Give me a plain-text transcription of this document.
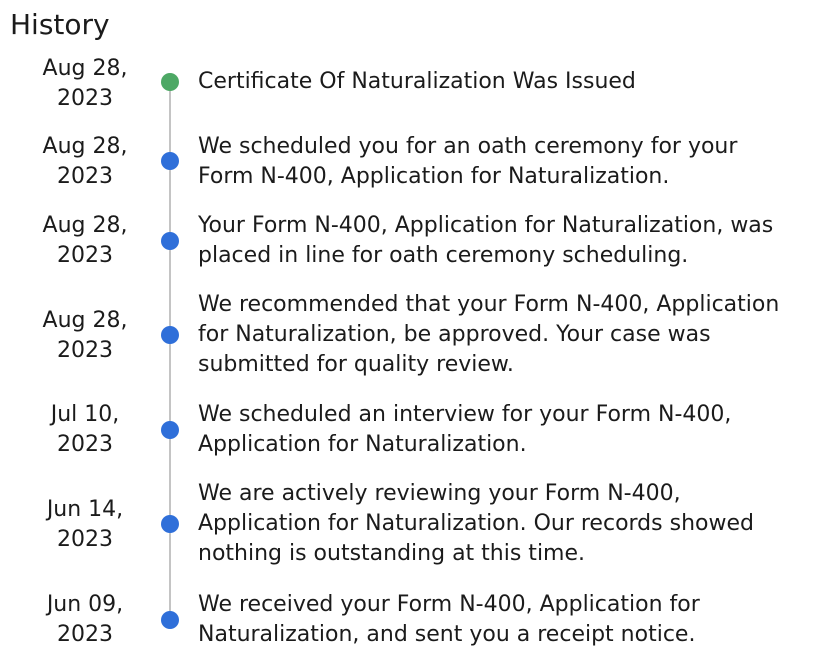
History
Aug 28,
2023
Certificate Of Naturalization Was Issued
Aug 28,
2023
We scheduled you for an oath ceremony for your Form N-400, Application for Naturalization.
Aug 28,
2023
Your Form N-400, Application for Naturalization, was placed in line for oath ceremony scheduling.
Aug 28,
2023
We recommended that your Form N-400, Application for Naturalization, be approved. Your case was submitted for quality review.
Jul 10,
2023
We scheduled an interview for your Form N-400, Application for Naturalization.
Jun 14,
2023
We are actively reviewing your Form N-400, Application for Naturalization. Our records showed nothing is outstanding at this time.
Jun 09,
2023
We received your Form N-400, Application for Naturalization, and sent you a receipt notice.
